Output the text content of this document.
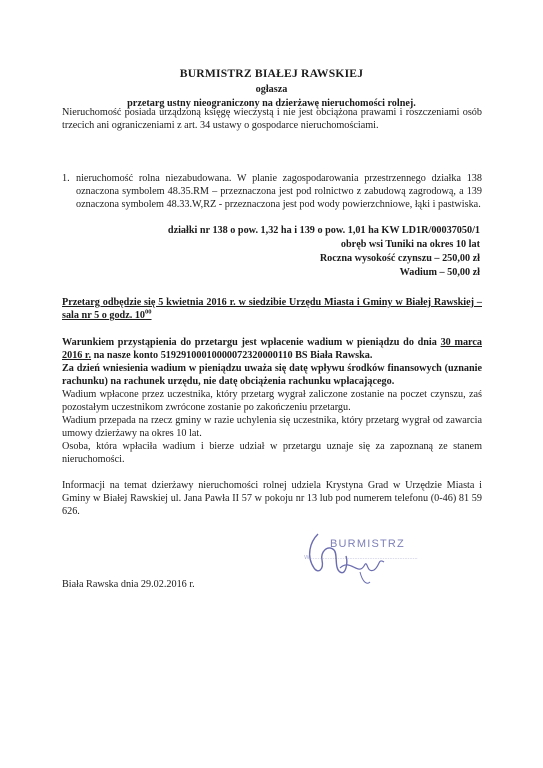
BURMISTRZ BIAŁEJ RAWSKIEJ

ogłasza

przetarg ustny nieograniczony na dzierżawę nieruchomości rolnej.

Nieruchomość posiada urządzoną księgę wieczystą i nie jest obciążona prawami i roszczeniami osób trzecich ani ograniczeniami z art. 34 ustawy o gospodarce nieruchomościami.

1. nieruchomość rolna niezabudowana. W planie zagospodarowania przestrzennego działka 138 oznaczona symbolem 48.35.RM – przeznaczona jest pod rolnictwo z zabudową zagrodową, a 139 oznaczona symbolem 48.33.W,RZ - przeznaczona jest pod wody powierzchniowe, łąki i pastwiska.
działki nr 138 o pow. 1,32 ha i 139 o pow. 1,01 ha KW LD1R/00037050/1
obręb wsi Tuniki na okres 10 lat
Roczna wysokość czynszu – 250,00 zł
Wadium – 50,00 zł

Przetarg odbędzie się 5 kwietnia 2016 r. w siedzibie Urzędu Miasta i Gminy w Białej Rawskiej – sala nr 5 o godz. $10^{00}$

Warunkiem przystąpienia do przetargu jest wpłacenie wadium w pieniądzu do dnia 30 marca 2016 r. na nasze konto 51929100010000072320000110 BS Biała Rawska.

Za dzień wniesienia wadium w pieniądzu uważa się datę wpływu środków finansowych (uznanie rachunku) na rachunek urzędu, nie datę obciążenia rachunku wpłacającego.

Wadium wpłacone przez uczestnika, który przetarg wygrał zaliczone zostanie na poczet czynszu, zaś pozostałym uczestnikom zwrócone zostanie po zakończeniu przetargu.

Wadium przepada na rzecz gminy w razie uchylenia się uczestnika, który przetarg wygrał od zawarcia umowy dzierżawy na okres 10 lat.

Osoba, która wpłaciła wadium i bierze udział w przetargu uznaje się za zapoznaną ze stanem nieruchomości.

Informacji na temat dzierżawy nieruchomości rolnej udziela Krystyna Grad w Urzędzie Miasta i Gminy w Białej Rawskiej ul. Jana Pawła II 57 w pokoju nr 13 lub pod numerem telefonu (0-46) 81 59 626.

BURMISTRZ
W.................................................................

Biała Rawska dnia 29.02.2016 r.
